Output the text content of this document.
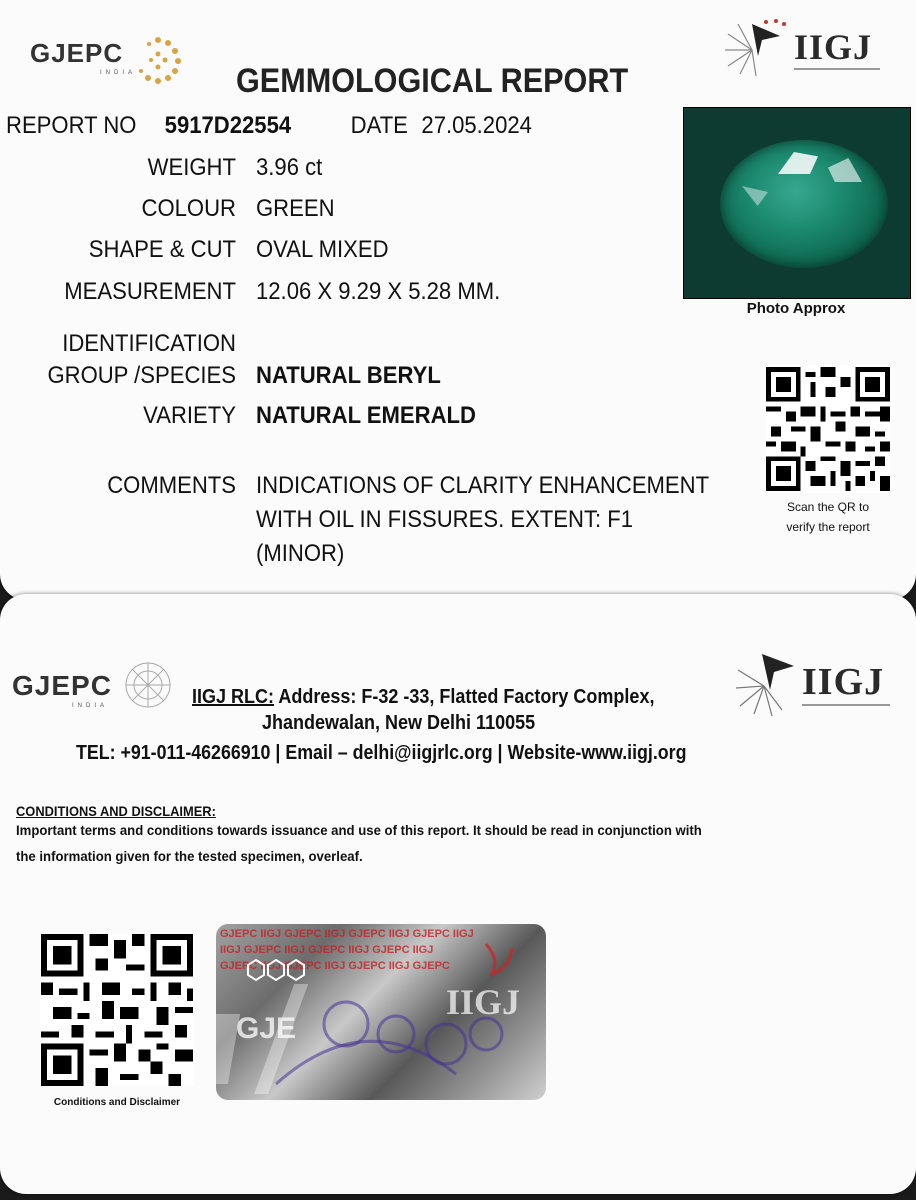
GJEPC
INDIA
IIGJ
GEMMOLOGICAL REPORT
REPORT NO 5917D22554 DATE 27.05.2024
WEIGHT
COLOUR
SHAPE & CUT
MEASUREMENT
IDENTIFICATION
GROUP /SPECIES
VARIETY
COMMENTS
3.96 ct
GREEN
OVAL MIXED
12.06 X 9.29 X 5.28 MM.
NATURAL BERYL
NATURAL EMERALD
INDICATIONS OF CLARITY ENHANCEMENT
WITH OIL IN FISSURES. EXTENT: F1
(MINOR)
Photo Approx
Scan the QR to
verify the report
GJEPC
INDIA
IIGJ
IIGJ RLC: Address: F-32 -33, Flatted Factory Complex,
Jhandewalan, New Delhi 110055
TEL: +91-011-46266910 | Email – delhi@iigjrlc.org | Website-www.iigj.org
CONDITIONS AND DISCLAIMER:
Important terms and conditions towards issuance and use of this report. It should be read in conjunction with
the information given for the tested specimen, overleaf.
Conditions and Disclaimer
GJEPC IIGJ GJEPC IIGJ GJEPC IIGJ GJEPC IIGJ
IIGJ GJEPC IIGJ GJEPC IIGJ GJEPC IIGJ
GJEPC IIGJ GJEPC IIGJ GJEPC IIGJ GJEPC
GJE
IIGJ
